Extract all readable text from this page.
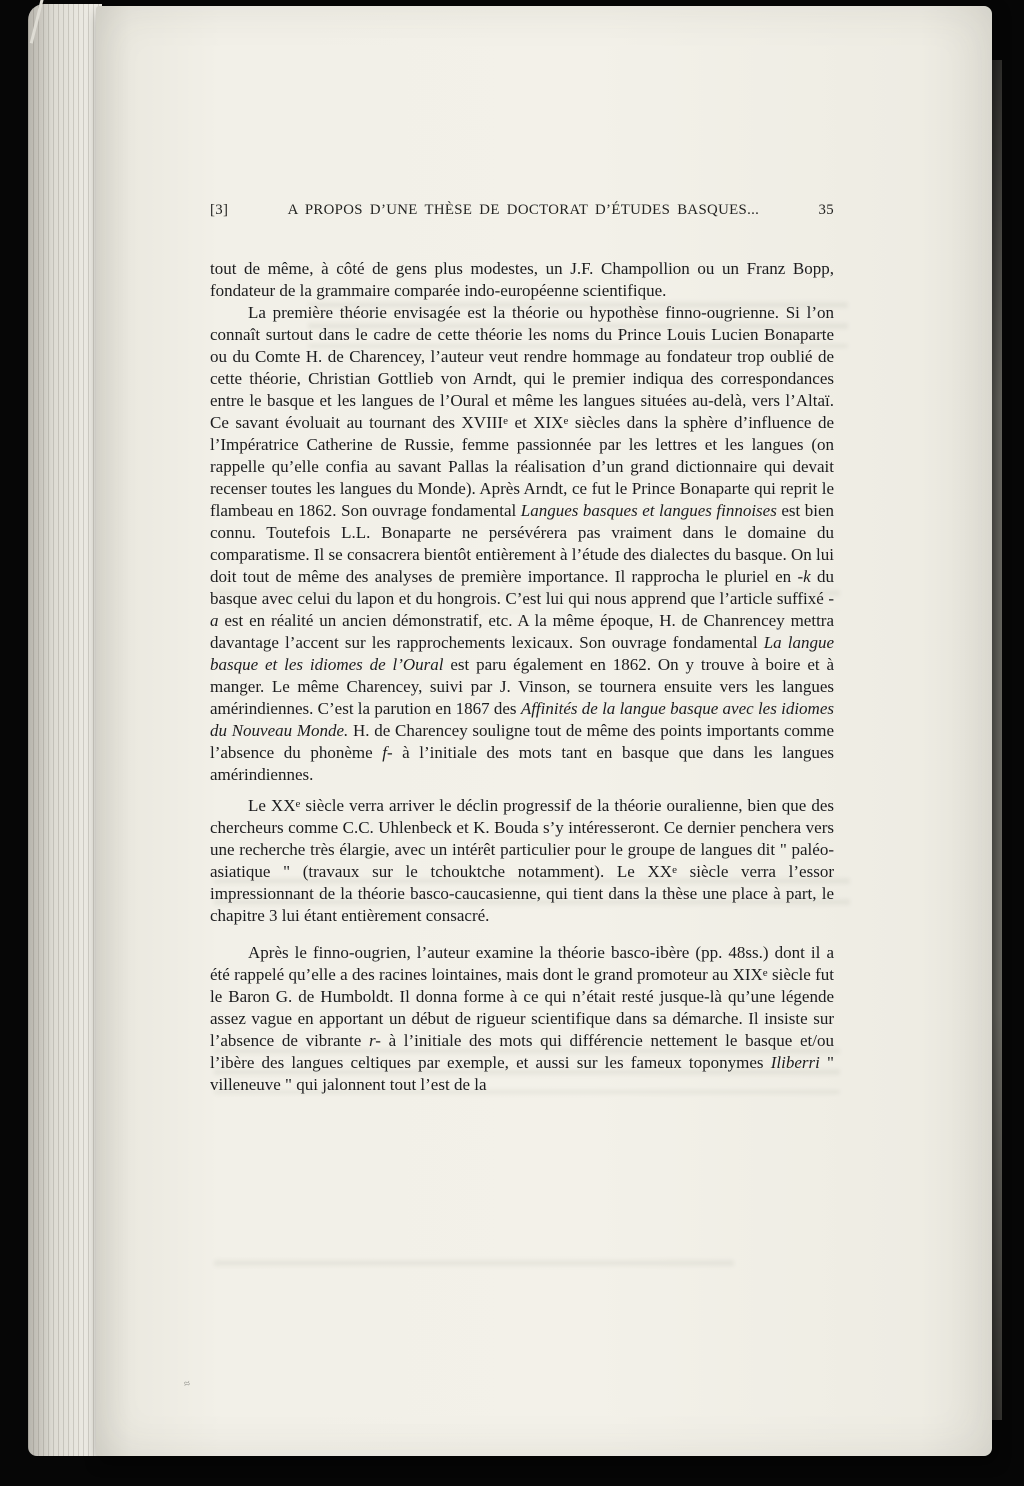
≈
[3]	A PROPOS D’UNE THÈSE DE DOCTORAT D’ÉTUDES BASQUES...	35

tout de même, à côté de gens plus modestes, un J.F. Champollion ou un Franz Bopp, fondateur de la grammaire comparée indo-européenne scientifique.

La première théorie envisagée est la théorie ou hypothèse finno-ougrienne. Si l’on connaît surtout dans le cadre de cette théorie les noms du Prince Louis Lucien Bonaparte ou du Comte H. de Charencey, l’auteur veut rendre hommage au fondateur trop oublié de cette théorie, Christian Gottlieb von Arndt, qui le premier indiqua des correspondances entre le basque et les langues de l’Oural et même les langues situées au-delà, vers l’Altaï. Ce savant évoluait au tournant des XVIIIe et XIXe siècles dans la sphère d’influence de l’Impératrice Catherine de Russie, femme passionnée par les lettres et les langues (on rappelle qu’elle confia au savant Pallas la réalisation d’un grand dictionnaire qui devait recenser toutes les langues du Monde). Après Arndt, ce fut le Prince Bonaparte qui reprit le flambeau en 1862. Son ouvrage fondamental Langues basques et langues finnoises est bien connu. Toutefois L.L. Bonaparte ne persévérera pas vraiment dans le domaine du comparatisme. Il se consacrera bientôt entièrement à l’étude des dialectes du basque. On lui doit tout de même des analyses de première importance. Il rapprocha le pluriel en -k du basque avec celui du lapon et du hongrois. C’est lui qui nous apprend que l’article suffixé -a est en réalité un ancien démonstratif, etc. A la même époque, H. de Chanrencey mettra davantage l’accent sur les rapprochements lexicaux. Son ouvrage fondamental La langue basque et les idiomes de l’Oural est paru également en 1862. On y trouve à boire et à manger. Le même Charencey, suivi par J. Vinson, se tournera ensuite vers les langues amérindiennes. C’est la parution en 1867 des Affinités de la langue basque avec les idiomes du Nouveau Monde. H. de Charencey souligne tout de même des points importants comme l’absence du phonème f- à l’initiale des mots tant en basque que dans les langues amérindiennes.

Le XXe siècle verra arriver le déclin progressif de la théorie ouralienne, bien que des chercheurs comme C.C. Uhlenbeck et K. Bouda s’y intéresseront. Ce dernier penchera vers une recherche très élargie, avec un intérêt particulier pour le groupe de langues dit " paléo-asiatique " (travaux sur le tchouktche notamment). Le XXe siècle verra l’essor impressionnant de la théorie basco-caucasienne, qui tient dans la thèse une place à part, le chapitre 3 lui étant entièrement consacré.

Après le finno-ougrien, l’auteur examine la théorie basco-ibère (pp. 48ss.) dont il a été rappelé qu’elle a des racines lointaines, mais dont le grand promoteur au XIXe siècle fut le Baron G. de Humboldt. Il donna forme à ce qui n’était resté jusque-là qu’une légende assez vague en apportant un début de rigueur scientifique dans sa démarche. Il insiste sur l’absence de vibrante r- à l’initiale des mots qui différencie nettement le basque et/ou l’ibère des langues celtiques par exemple, et aussi sur les fameux toponymes Iliberri " villeneuve " qui jalonnent tout l’est de la
